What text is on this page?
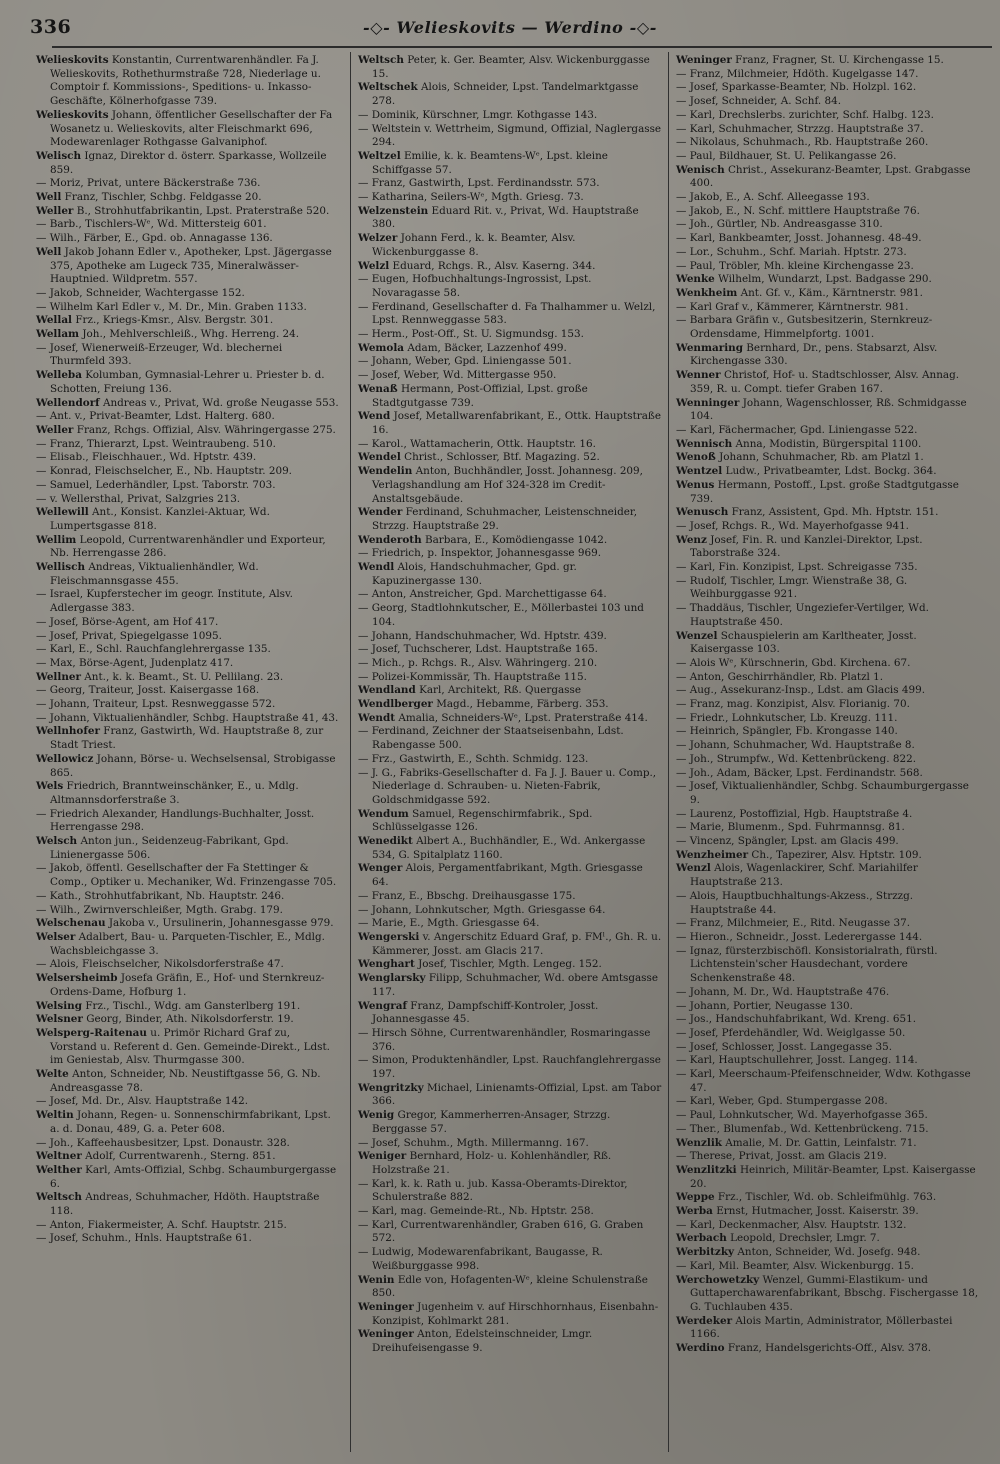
336	-◇- Welieskovits — Werdino -◇-
Welieskovits Konstantin, Currentwarenhändler. Fa J. Welieskovits, Rothethurmstraße 728, Niederlage u. Comptoir f. Kommissions-, Speditions- u. Inkasso-Geschäfte, Kölnerhofgasse 739.
Welieskovits Johann, öffentlicher Gesellschafter der Fa Wosanetz u. Welieskovits, alter Fleischmarkt 696, Modewarenlager Rothgasse Galvaniphof.
Welisch Ignaz, Direktor d. österr. Sparkasse, Wollzeile 859.
— Moriz, Privat, untere Bäckerstraße 736.
Well Franz, Tischler, Schbg. Feldgasse 20.
Weller B., Strohhutfabrikantin, Lpst. Praterstraße 520.
— Barb., Tischlers-Wᵉ, Wd. Mittersteig 601.
— Wilh., Färber, E., Gpd. ob. Annagasse 136.
Well Jakob Johann Edler v., Apotheker, Lpst. Jägergasse 375, Apotheke am Lugeck 735, Mineralwässer-Hauptnied. Wildpretm. 557.
— Jakob, Schneider, Wachtergasse 152.
— Wilhelm Karl Edler v., M. Dr., Min. Graben 1133.
Wellal Frz., Kriegs-Kmsr., Alsv. Bergstr. 301.
Wellam Joh., Mehlverschleiß., Whg. Herreng. 24.
— Josef, Wienerweiß-Erzeuger, Wd. blechernei Thurmfeld 393.
Welleba Kolumban, Gymnasial-Lehrer u. Priester b. d. Schotten, Freiung 136.
Wellendorf Andreas v., Privat, Wd. große Neugasse 553.
— Ant. v., Privat-Beamter, Ldst. Halterg. 680.
Weller Franz, Rchgs. Offizial, Alsv. Währingergasse 275.
— Franz, Thierarzt, Lpst. Weintraubeng. 510.
— Elisab., Fleischhauer., Wd. Hptstr. 439.
— Konrad, Fleischselcher, E., Nb. Hauptstr. 209.
— Samuel, Lederhändler, Lpst. Taborstr. 703.
— v. Wellersthal, Privat, Salzgries 213.
Wellewill Ant., Konsist. Kanzlei-Aktuar, Wd. Lumpertsgasse 818.
Wellim Leopold, Currentwarenhändler und Exporteur, Nb. Herrengasse 286.
Wellisch Andreas, Viktualienhändler, Wd. Fleischmannsgasse 455.
— Israel, Kupferstecher im geogr. Institute, Alsv. Adlergasse 383.
— Josef, Börse-Agent, am Hof 417.
— Josef, Privat, Spiegelgasse 1095.
— Karl, E., Schl. Rauchfanglehrergasse 135.
— Max, Börse-Agent, Judenplatz 417.
Wellner Ant., k. k. Beamt., St. U. Pellilang. 23.
— Georg, Traiteur, Josst. Kaisergasse 168.
— Johann, Traiteur, Lpst. Resnweggasse 572.
— Johann, Viktualienhändler, Schbg. Hauptstraße 41, 43.
Wellnhofer Franz, Gastwirth, Wd. Hauptstraße 8, zur Stadt Triest.
Wellowicz Johann, Börse- u. Wechselsensal, Strobigasse 865.
Wels Friedrich, Branntweinschänker, E., u. Mdlg. Altmannsdorferstraße 3.
— Friedrich Alexander, Handlungs-Buchhalter, Josst. Herrengasse 298.
Welsch Anton jun., Seidenzeug-Fabrikant, Gpd. Linienergasse 506.
— Jakob, öffentl. Gesellschafter der Fa Stettinger & Comp., Optiker u. Mechaniker, Wd. Frinzengasse 705.
— Kath., Strohhutfabrikant, Nb. Hauptstr. 246.
— Wilh., Zwirnverschleißer, Mgth. Grabg. 179.
Welschenau Jakoba v., Ursulinerin, Johannesgasse 979.
Welser Adalbert, Bau- u. Parqueten-Tischler, E., Mdlg. Wachsbleichgasse 3.
— Alois, Fleischselcher, Nikolsdorferstraße 47.
Welsersheimb Josefa Gräfin, E., Hof- und Sternkreuz-Ordens-Dame, Hofburg 1.
Welsing Frz., Tischl., Wdg. am Gansterlberg 191.
Welsner Georg, Binder, Ath. Nikolsdorferstr. 19.
Welsperg-Raitenau u. Primör Richard Graf zu, Vorstand u. Referent d. Gen. Gemeinde-Direkt., Ldst. im Geniestab, Alsv. Thurmgasse 300.
Welte Anton, Schneider, Nb. Neustiftgasse 56, G. Nb. Andreasgasse 78.
— Josef, Md. Dr., Alsv. Hauptstraße 142.
Weltin Johann, Regen- u. Sonnenschirmfabrikant, Lpst. a. d. Donau, 489, G. a. Peter 608.
— Joh., Kaffeehausbesitzer, Lpst. Donaustr. 328.
Weltner Adolf, Currentwarenh., Sterng. 851.
Welther Karl, Amts-Offizial, Schbg. Schaumburgergasse 6.
Weltsch Andreas, Schuhmacher, Hdöth. Hauptstraße 118.
— Anton, Fiakermeister, A. Schf. Hauptstr. 215.
— Josef, Schuhm., Hnls. Hauptstraße 61.
Weltsch Peter, k. Ger. Beamter, Alsv. Wickenburggasse 15.
Weltschek Alois, Schneider, Lpst. Tandelmarktgasse 278.
— Dominik, Kürschner, Lmgr. Kothgasse 143.
— Weltstein v. Wettrheim, Sigmund, Offizial, Naglergasse 294.
Weltzel Emilie, k. k. Beamtens-Wᵉ, Lpst. kleine Schiffgasse 57.
— Franz, Gastwirth, Lpst. Ferdinandsstr. 573.
— Katharina, Seilers-Wᵉ, Mgth. Griesg. 73.
Welzenstein Eduard Rit. v., Privat, Wd. Hauptstraße 380.
Welzer Johann Ferd., k. k. Beamter, Alsv. Wickenburggasse 8.
Welzl Eduard, Rchgs. R., Alsv. Kaserng. 344.
— Eugen, Hofbuchhaltungs-Ingrossist, Lpst. Novaragasse 58.
— Ferdinand, Gesellschafter d. Fa Thalhammer u. Welzl, Lpst. Rennweggasse 583.
— Herm., Post-Off., St. U. Sigmundsg. 153.
Wemola Adam, Bäcker, Lazzenhof 499.
— Johann, Weber, Gpd. Liniengasse 501.
— Josef, Weber, Wd. Mittergasse 950.
Wenaß Hermann, Post-Offizial, Lpst. große Stadtgutgasse 739.
Wend Josef, Metallwarenfabrikant, E., Ottk. Hauptstraße 16.
— Karol., Wattamacherin, Ottk. Hauptstr. 16.
Wendel Christ., Schlosser, Btf. Magazing. 52.
Wendelin Anton, Buchhändler, Josst. Johannesg. 209, Verlagshandlung am Hof 324-328 im Credit-Anstaltsgebäude.
Wender Ferdinand, Schuhmacher, Leistenschneider, Strzzg. Hauptstraße 29.
Wenderoth Barbara, E., Komödiengasse 1042.
— Friedrich, p. Inspektor, Johannesgasse 969.
Wendl Alois, Handschuhmacher, Gpd. gr. Kapuzinergasse 130.
— Anton, Anstreicher, Gpd. Marchettigasse 64.
— Georg, Stadtlohnkutscher, E., Möllerbastei 103 und 104.
— Johann, Handschuhmacher, Wd. Hptstr. 439.
— Josef, Tuchscherer, Ldst. Hauptstraße 165.
— Mich., p. Rchgs. R., Alsv. Währingerg. 210.
— Polizei-Kommissär, Th. Hauptstraße 115.
Wendland Karl, Architekt, Rß. Quergasse
Wendlberger Magd., Hebamme, Färberg. 353.
Wendt Amalia, Schneiders-Wᵉ, Lpst. Praterstraße 414.
— Ferdinand, Zeichner der Staatseisenbahn, Ldst. Rabengasse 500.
— Frz., Gastwirth, E., Schth. Schmidg. 123.
— J. G., Fabriks-Gesellschafter d. Fa J. J. Bauer u. Comp., Niederlage d. Schrauben- u. Nieten-Fabrik, Goldschmidgasse 592.
Wendum Samuel, Regenschirmfabrik., Spd. Schlüsselgasse 126.
Wenedikt Albert A., Buchhändler, E., Wd. Ankergasse 534, G. Spitalplatz 1160.
Wenger Alois, Pergamentfabrikant, Mgth. Griesgasse 64.
— Franz, E., Bbschg. Dreihausgasse 175.
— Johann, Lohnkutscher, Mgth. Griesgasse 64.
— Marie, E., Mgth. Griesgasse 64.
Wengerski v. Angerschitz Eduard Graf, p. FMˡ., Gh. R. u. Kämmerer, Josst. am Glacis 217.
Wenghart Josef, Tischler, Mgth. Lengeg. 152.
Wenglarsky Filipp, Schuhmacher, Wd. obere Amtsgasse 117.
Wengraf Franz, Dampfschiff-Kontroler, Josst. Johannesgasse 45.
— Hirsch Söhne, Currentwarenhändler, Rosmaringasse 376.
— Simon, Produktenhändler, Lpst. Rauchfanglehrergasse 197.
Wengritzky Michael, Linienamts-Offizial, Lpst. am Tabor 366.
Wenig Gregor, Kammerherren-Ansager, Strzzg. Berggasse 57.
— Josef, Schuhm., Mgth. Millermanng. 167.
Weniger Bernhard, Holz- u. Kohlenhändler, Rß. Holzstraße 21.
— Karl, k. k. Rath u. jub. Kassa-Oberamts-Direktor, Schulerstraße 882.
— Karl, mag. Gemeinde-Rt., Nb. Hptstr. 258.
— Karl, Currentwarenhändler, Graben 616, G. Graben 572.
— Ludwig, Modewarenfabrikant, Baugasse, R. Weißburggasse 998.
Wenin Edle von, Hofagenten-Wᵉ, kleine Schulenstraße 850.
Weninger Jugenheim v. auf Hirschhornhaus, Eisenbahn-Konzipist, Kohlmarkt 281.
Weninger Anton, Edelsteinschneider, Lmgr. Dreihufeisengasse 9.
Weninger Franz, Fragner, St. U. Kirchengasse 15.
— Franz, Milchmeier, Hdöth. Kugelgasse 147.
— Josef, Sparkasse-Beamter, Nb. Holzpl. 162.
— Josef, Schneider, A. Schf. 84.
— Karl, Drechslerbs. zurichter, Schf. Halbg. 123.
— Karl, Schuhmacher, Strzzg. Hauptstraße 37.
— Nikolaus, Schuhmach., Rb. Hauptstraße 260.
— Paul, Bildhauer, St. U. Pelikangasse 26.
Wenisch Christ., Assekuranz-Beamter, Lpst. Grabgasse 400.
— Jakob, E., A. Schf. Alleegasse 193.
— Jakob, E., N. Schf. mittlere Hauptstraße 76.
— Joh., Gürtler, Nb. Andreasgasse 310.
— Karl, Bankbeamter, Josst. Johannesg. 48-49.
— Lor., Schuhm., Schf. Mariah. Hptstr. 273.
— Paul, Tröbler, Mh. kleine Kirchengasse 23.
Wenke Wilhelm, Wundarzt, Lpst. Badgasse 290.
Wenkheim Ant. Gf. v., Käm., Kärntnerstr. 981.
— Karl Graf v., Kämmerer, Kärntnerstr. 981.
— Barbara Gräfin v., Gutsbesitzerin, Sternkreuz-Ordensdame, Himmelpfortg. 1001.
Wenmaring Bernhard, Dr., pens. Stabsarzt, Alsv. Kirchengasse 330.
Wenner Christof, Hof- u. Stadtschlosser, Alsv. Annag. 359, R. u. Compt. tiefer Graben 167.
Wenninger Johann, Wagenschlosser, Rß. Schmidgasse 104.
— Karl, Fächermacher, Gpd. Liniengasse 522.
Wennisch Anna, Modistin, Bürgerspital 1100.
Wenoß Johann, Schuhmacher, Rb. am Platzl 1.
Wentzel Ludw., Privatbeamter, Ldst. Bockg. 364.
Wenus Hermann, Postoff., Lpst. große Stadtgutgasse 739.
Wenusch Franz, Assistent, Gpd. Mh. Hptstr. 151.
— Josef, Rchgs. R., Wd. Mayerhofgasse 941.
Wenz Josef, Fin. R. und Kanzlei-Direktor, Lpst. Taborstraße 324.
— Karl, Fin. Konzipist, Lpst. Schreigasse 735.
— Rudolf, Tischler, Lmgr. Wienstraße 38, G. Weihburggasse 921.
— Thaddäus, Tischler, Ungeziefer-Vertilger, Wd. Hauptstraße 450.
Wenzel Schauspielerin am Karltheater, Josst. Kaisergasse 103.
— Alois Wᵉ, Kürschnerin, Gbd. Kirchena. 67.
— Anton, Geschirrhändler, Rb. Platzl 1.
— Aug., Assekuranz-Insp., Ldst. am Glacis 499.
— Franz, mag. Konzipist, Alsv. Florianig. 70.
— Friedr., Lohnkutscher, Lb. Kreuzg. 111.
— Heinrich, Spängler, Fb. Krongasse 140.
— Johann, Schuhmacher, Wd. Hauptstraße 8.
— Joh., Strumpfw., Wd. Kettenbrückeng. 822.
— Joh., Adam, Bäcker, Lpst. Ferdinandstr. 568.
— Josef, Viktualienhändler, Schbg. Schaumburgergasse 9.
— Laurenz, Postoffizial, Hgb. Hauptstraße 4.
— Marie, Blumenm., Spd. Fuhrmannsg. 81.
— Vincenz, Spängler, Lpst. am Glacis 499.
Wenzheimer Ch., Tapezirer, Alsv. Hptstr. 109.
Wenzl Alois, Wagenlackirer, Schf. Mariahilfer Hauptstraße 213.
— Alois, Hauptbuchhaltungs-Akzess., Strzzg. Hauptstraße 44.
— Franz, Milchmeier, E., Ritd. Neugasse 37.
— Hieron., Schneidr., Josst. Lederergasse 144.
— Ignaz, fürsterzbischöfl. Konsistorialrath, fürstl. Lichtenstein'scher Hausdechant, vordere Schenkenstraße 48.
— Johann, M. Dr., Wd. Hauptstraße 476.
— Johann, Portier, Neugasse 130.
— Jos., Handschuhfabrikant, Wd. Kreng. 651.
— Josef, Pferdehändler, Wd. Weiglgasse 50.
— Josef, Schlosser, Josst. Langegasse 35.
— Karl, Hauptschullehrer, Josst. Langeg. 114.
— Karl, Meerschaum-Pfeifenschneider, Wdw. Kothgasse 47.
— Karl, Weber, Gpd. Stumpergasse 208.
— Paul, Lohnkutscher, Wd. Mayerhofgasse 365.
— Ther., Blumenfab., Wd. Kettenbrückeng. 715.
Wenzlik Amalie, M. Dr. Gattin, Leinfalstr. 71.
— Therese, Privat, Josst. am Glacis 219.
Wenzlitzki Heinrich, Militär-Beamter, Lpst. Kaisergasse 20.
Weppe Frz., Tischler, Wd. ob. Schleifmühlg. 763.
Werba Ernst, Hutmacher, Josst. Kaiserstr. 39.
— Karl, Deckenmacher, Alsv. Hauptstr. 132.
Werbach Leopold, Drechsler, Lmgr. 7.
Werbitzky Anton, Schneider, Wd. Josefg. 948.
— Karl, Mil. Beamter, Alsv. Wickenburgg. 15.
Werchowetzky Wenzel, Gummi-Elastikum- und Guttaperchawarenfabrikant, Bbschg. Fischergasse 18, G. Tuchlauben 435.
Werdeker Alois Martin, Administrator, Möllerbastei 1166.
Werdino Franz, Handelsgerichts-Off., Alsv. 378.
